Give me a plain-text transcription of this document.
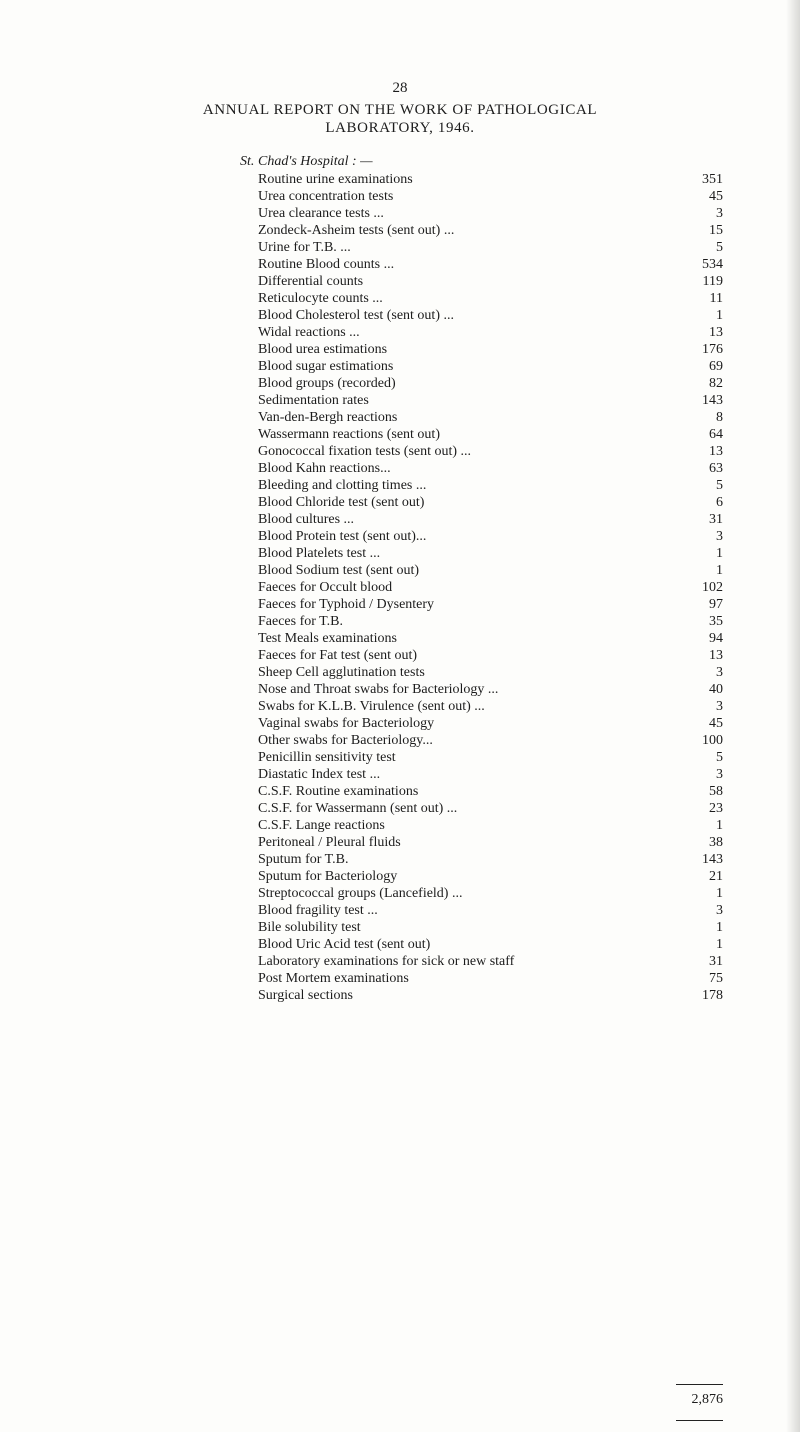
28
ANNUAL REPORT ON THE WORK OF PATHOLOGICAL
LABORATORY, 1946.
St. Chad's Hospital : —
Routine urine examinations	351
Urea concentration tests	45
Urea clearance tests ...	3
Zondeck-Asheim tests (sent out) ...	15
Urine for T.B. ...	5
Routine Blood counts ...	534
Differential counts	119
Reticulocyte counts ...	11
Blood Cholesterol test (sent out) ...	1
Widal reactions ...	13
Blood urea estimations	176
Blood sugar estimations	69
Blood groups (recorded)	82
Sedimentation rates	143
Van-den-Bergh reactions	8
Wassermann reactions (sent out)	64
Gonococcal fixation tests (sent out) ...	13
Blood Kahn reactions...	63
Bleeding and clotting times ...	5
Blood Chloride test (sent out)	6
Blood cultures ...	31
Blood Protein test (sent out)...	3
Blood Platelets test ...	1
Blood Sodium test (sent out)	1
Faeces for Occult blood	102
Faeces for Typhoid / Dysentery	97
Faeces for T.B.	35
Test Meals examinations	94
Faeces for Fat test (sent out)	13
Sheep Cell agglutination tests	3
Nose and Throat swabs for Bacteriology ...	40
Swabs for K.L.B. Virulence (sent out) ...	3
Vaginal swabs for Bacteriology	45
Other swabs for Bacteriology...	100
Penicillin sensitivity test	5
Diastatic Index test ...	3
C.S.F. Routine examinations	58
C.S.F. for Wassermann (sent out) ...	23
C.S.F. Lange reactions	1
Peritoneal / Pleural fluids	38
Sputum for T.B.	143
Sputum for Bacteriology	21
Streptococcal groups (Lancefield) ...	1
Blood fragility test ...	3
Bile solubility test	1
Blood Uric Acid test (sent out)	1
Laboratory examinations for sick or new staff	31
Post Mortem examinations	75
Surgical sections	178
2,876
